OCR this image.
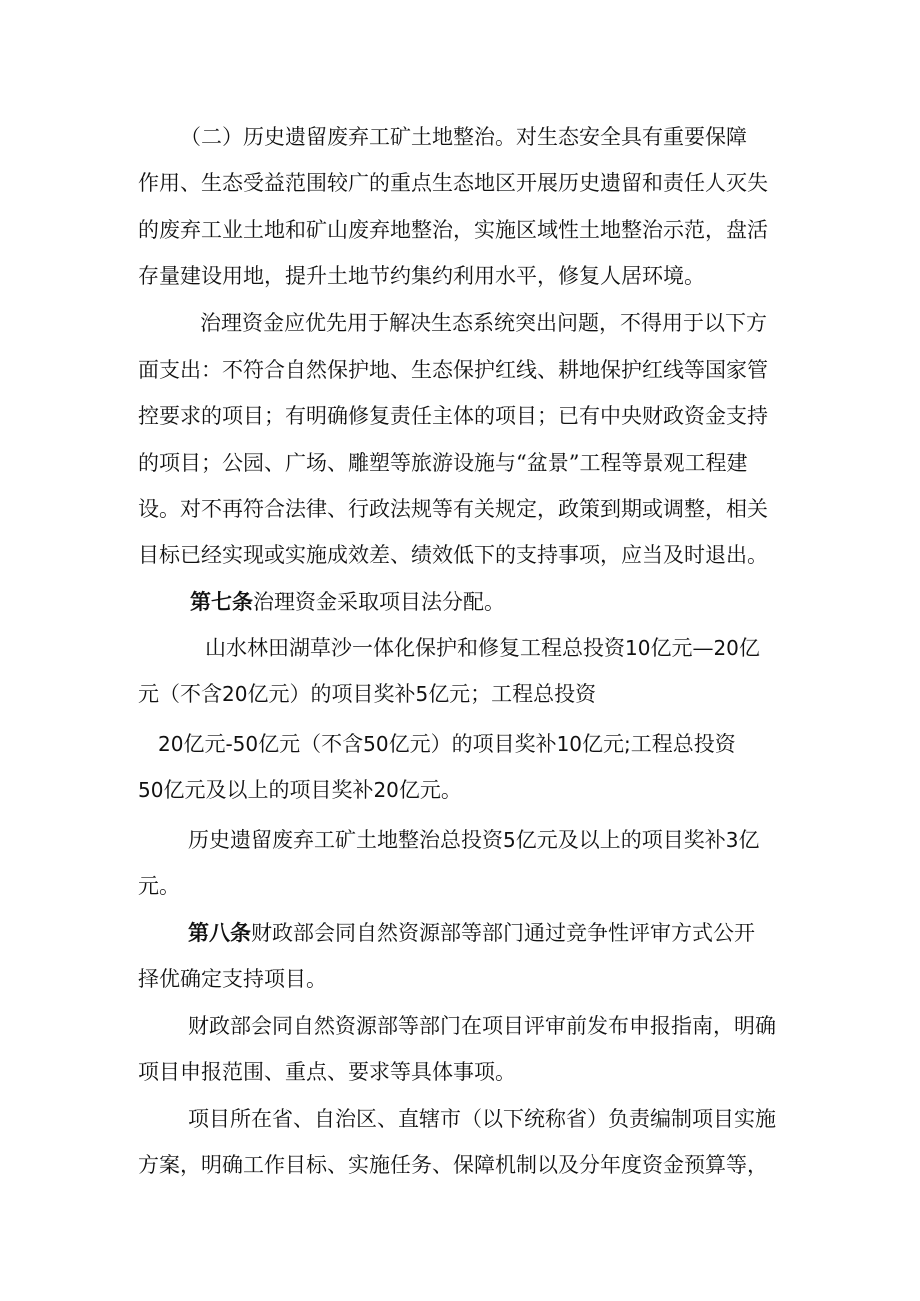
（二）历史遗留废弃工矿土地整治。对生态安全具有重要保障
作用、生态受益范围较广的重点生态地区开展历史遗留和责任人灭失
的废弃工业土地和矿山废弃地整治，实施区域性土地整治示范，盘活
存量建设用地，提升土地节约集约利用水平，修复人居环境。
治理资金应优先用于解决生态系统突出问题，不得用于以下方
面支出：不符合自然保护地、生态保护红线、耕地保护红线等国家管
控要求的项目；有明确修复责任主体的项目；已有中央财政资金支持
的项目；公园、广场、雕塑等旅游设施与“盆景”工程等景观工程建
设。对不再符合法律、行政法规等有关规定，政策到期或调整，相关
目标已经实现或实施成效差、绩效低下的支持事项，应当及时退出。
第七条治理资金采取项目法分配。
山水林田湖草沙一体化保护和修复工程总投资10亿元—20亿
元（不含20亿元）的项目奖补5亿元；工程总投资
20亿元-50亿元（不含50亿元）的项目奖补10亿元;工程总投资
50亿元及以上的项目奖补20亿元。
历史遗留废弃工矿土地整治总投资5亿元及以上的项目奖补3亿
元。
第八条财政部会同自然资源部等部门通过竞争性评审方式公开
择优确定支持项目。
财政部会同自然资源部等部门在项目评审前发布申报指南，明确
项目申报范围、重点、要求等具体事项。
项目所在省、自治区、直辖市（以下统称省）负责编制项目实施
方案，明确工作目标、实施任务、保障机制以及分年度资金预算等，
